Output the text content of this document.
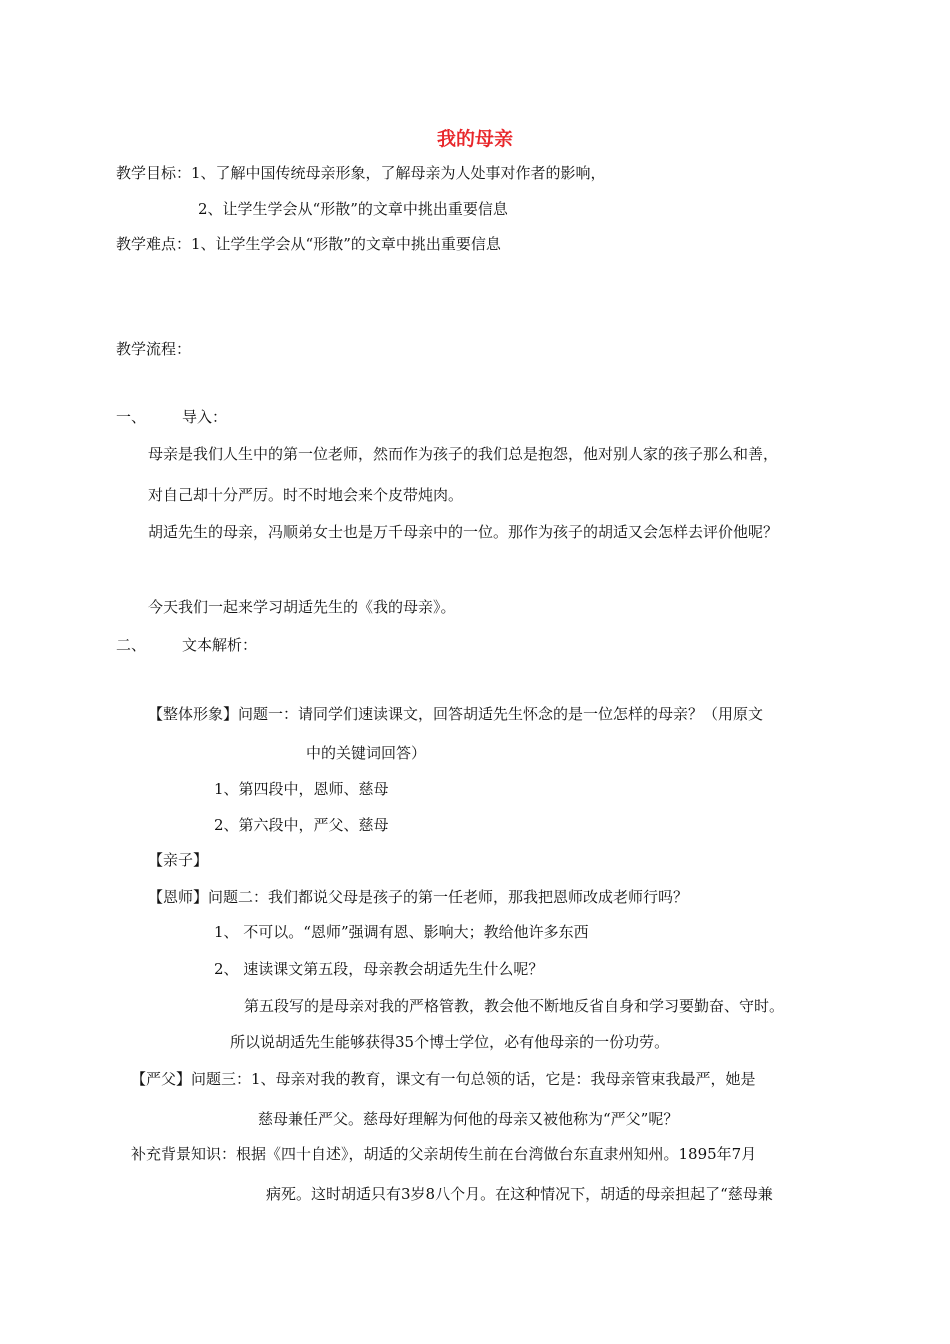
我的母亲
教学目标：1、了解中国传统母亲形象，了解母亲为人处事对作者的影响，
2、让学生学会从“形散”的文章中挑出重要信息
教学难点：1、让学生学会从“形散”的文章中挑出重要信息
教学流程：
一、 导入：
母亲是我们人生中的第一位老师，然而作为孩子的我们总是抱怨，他对别人家的孩子那么和善，
对自己却十分严厉。时不时地会来个皮带炖肉。
胡适先生的母亲，冯顺弟女士也是万千母亲中的一位。那作为孩子的胡适又会怎样去评价他呢？
今天我们一起来学习胡适先生的《我的母亲》。
二、 文本解析：
【整体形象】问题一：请同学们速读课文，回答胡适先生怀念的是一位怎样的母亲？（用原文
中的关键词回答）
1、第四段中，恩师、慈母
2、第六段中，严父、慈母
【亲子】
【恩师】问题二：我们都说父母是孩子的第一任老师，那我把恩师改成老师行吗？
1、 不可以。“恩师”强调有恩、影响大；教给他许多东西
2、 速读课文第五段，母亲教会胡适先生什么呢？
第五段写的是母亲对我的严格管教，教会他不断地反省自身和学习要勤奋、守时。
所以说胡适先生能够获得35个博士学位，必有他母亲的一份功劳。
【严父】问题三：1、母亲对我的教育，课文有一句总领的话，它是：我母亲管束我最严，她是
慈母兼任严父。慈母好理解为何他的母亲又被他称为“严父”呢？
补充背景知识：根据《四十自述》，胡适的父亲胡传生前在台湾做台东直隶州知州。1895年7月
病死。这时胡适只有3岁8八个月。在这种情况下，胡适的母亲担起了“慈母兼
